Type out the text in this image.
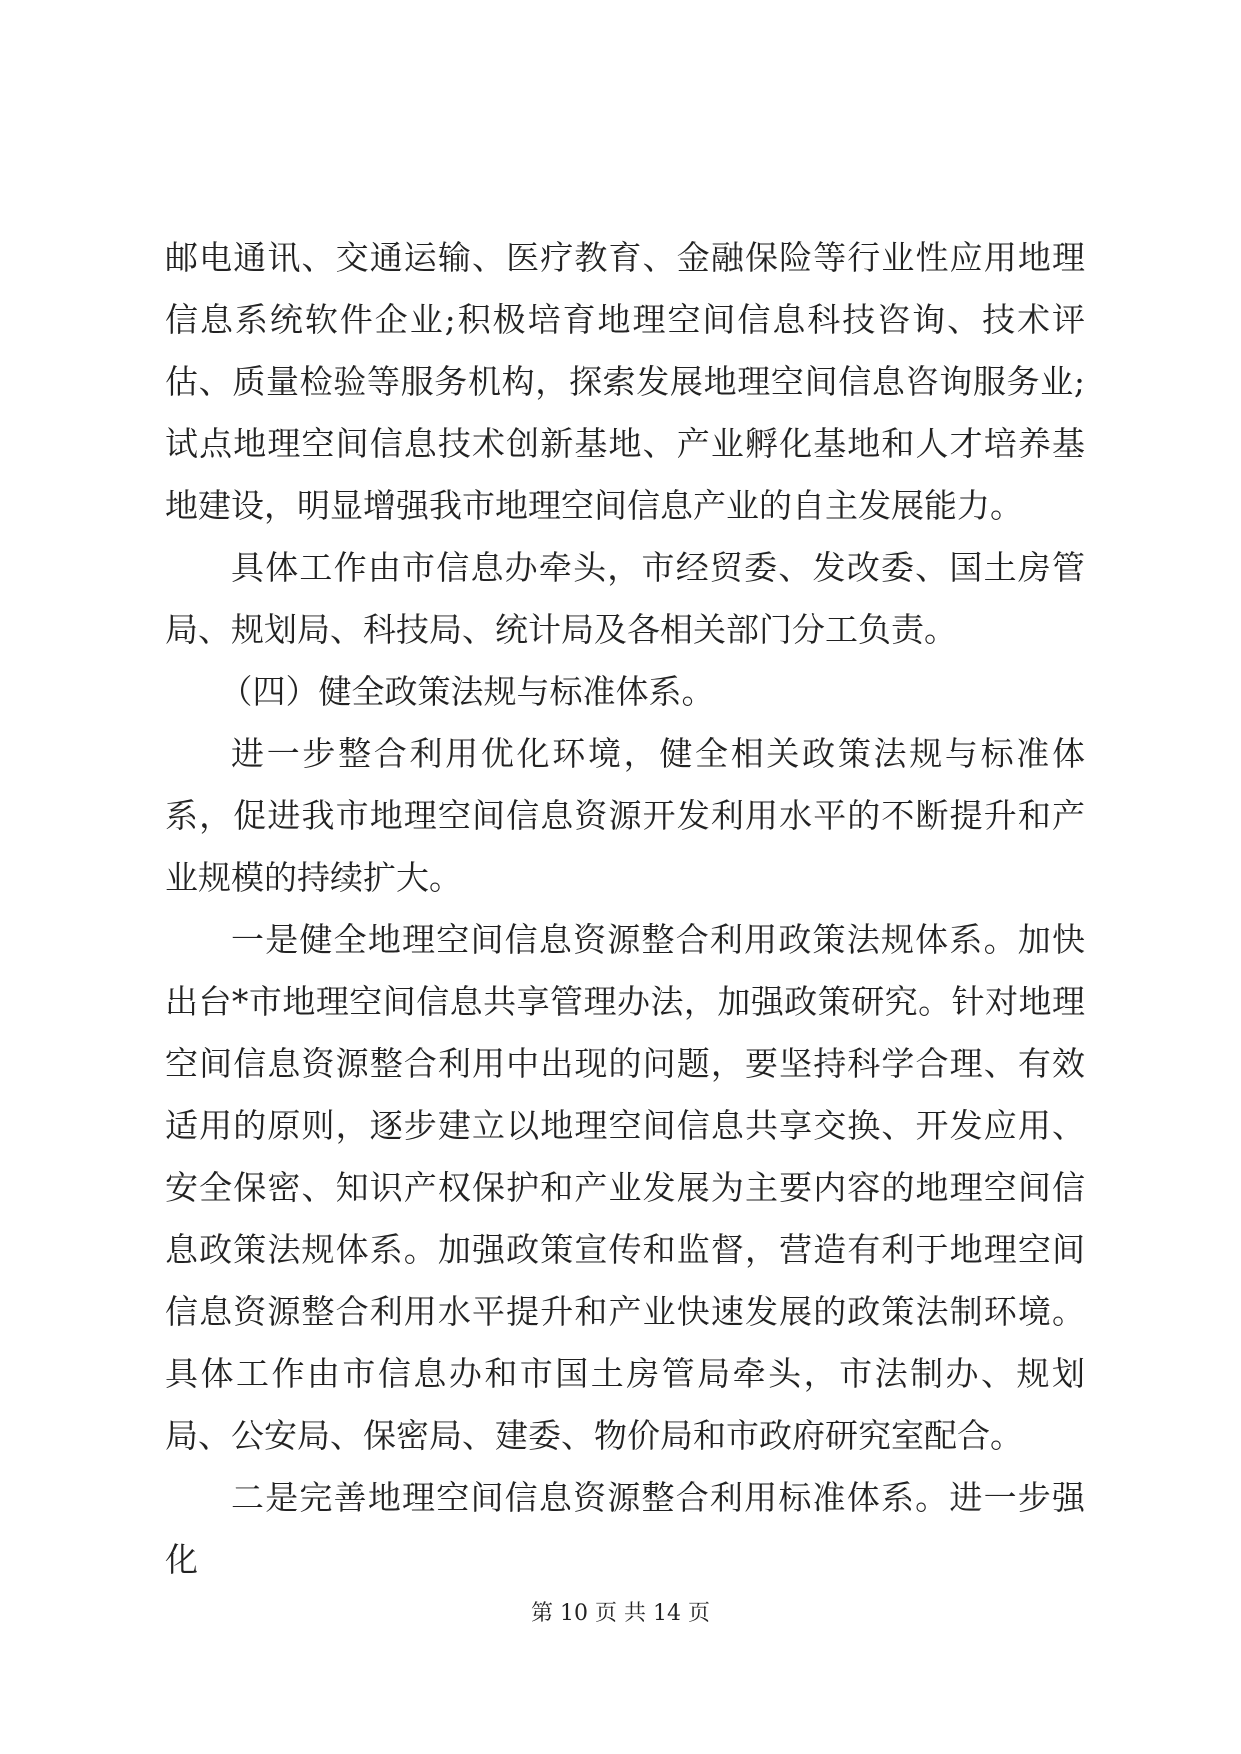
邮电通讯、交通运输、医疗教育、金融保险等行业性应用地理信息系统软件企业;积极培育地理空间信息科技咨询、技术评估、质量检验等服务机构，探索发展地理空间信息咨询服务业;试点地理空间信息技术创新基地、产业孵化基地和人才培养基地建设，明显增强我市地理空间信息产业的自主发展能力。

具体工作由市信息办牵头，市经贸委、发改委、国土房管局、规划局、科技局、统计局及各相关部门分工负责。

（四）健全政策法规与标准体系。

进一步整合利用优化环境，健全相关政策法规与标准体系，促进我市地理空间信息资源开发利用水平的不断提升和产业规模的持续扩大。

一是健全地理空间信息资源整合利用政策法规体系。加快出台*市地理空间信息共享管理办法，加强政策研究。针对地理空间信息资源整合利用中出现的问题，要坚持科学合理、有效适用的原则，逐步建立以地理空间信息共享交换、开发应用、安全保密、知识产权保护和产业发展为主要内容的地理空间信息政策法规体系。加强政策宣传和监督，营造有利于地理空间信息资源整合利用水平提升和产业快速发展的政策法制环境。具体工作由市信息办和市国土房管局牵头，市法制办、规划局、公安局、保密局、建委、物价局和市政府研究室配合。

二是完善地理空间信息资源整合利用标准体系。进一步强化

第 10 页 共 14 页
